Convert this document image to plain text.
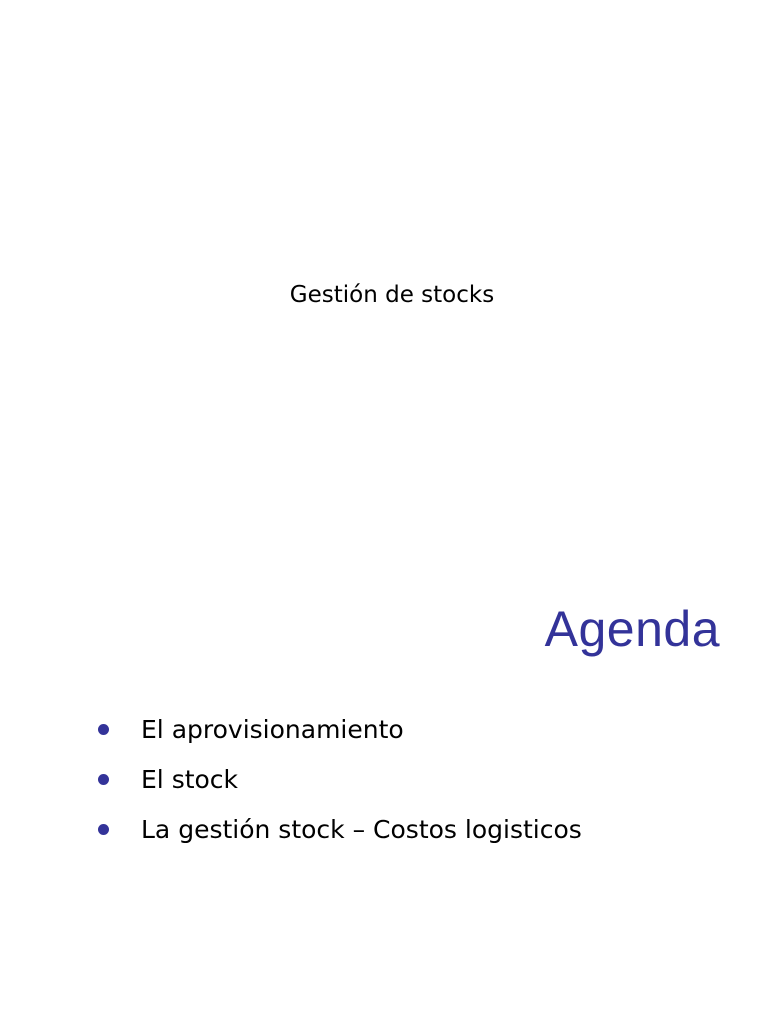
Gestión de stocks
Agenda
El aprovisionamiento
El stock
La gestión stock – Costos logisticos
